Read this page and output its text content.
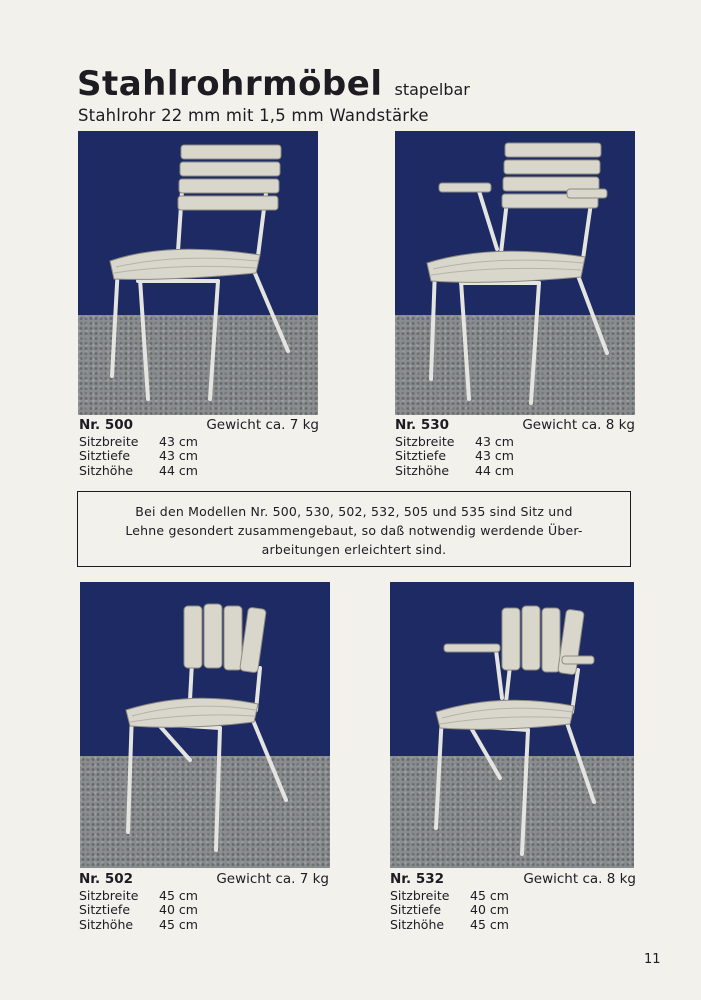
Stahlrohrmöbel stapelbar
Stahlrohr 22 mm mit 1,5 mm Wandstärke
Nr. 500	Gewicht ca. 7 kg
Sitzbreite	43 cm
Sitztiefe	43 cm
Sitzhöhe	44 cm
Nr. 530	Gewicht ca. 8 kg
Sitzbreite	43 cm
Sitztiefe	43 cm
Sitzhöhe	44 cm
Bei den Modellen Nr. 500, 530, 502, 532, 505 und 535 sind Sitz und
Lehne gesondert zusammengebaut, so daß notwendig werdende Über-
arbeitungen erleichtert sind.
Nr. 502	Gewicht ca. 7 kg
Sitzbreite	45 cm
Sitztiefe	40 cm
Sitzhöhe	45 cm
Nr. 532	Gewicht ca. 8 kg
Sitzbreite	45 cm
Sitztiefe	40 cm
Sitzhöhe	45 cm
11
